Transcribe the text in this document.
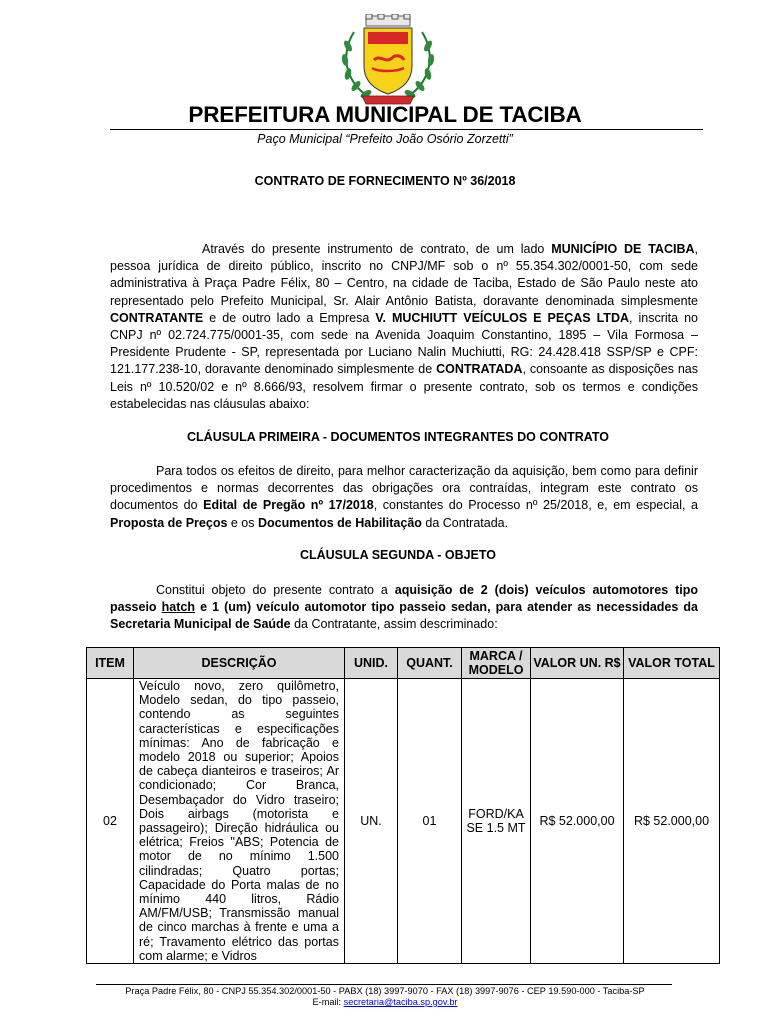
PREFEITURA MUNICIPAL DE TACIBA
Paço Municipal “Prefeito João Osório Zorzetti”
CONTRATO DE FORNECIMENTO Nº 36/2018
Através do presente instrumento de contrato, de um lado MUNICÍPIO DE TACIBA, pessoa jurídica de direito público, inscrito no CNPJ/MF sob o nº 55.354.302/0001-50, com sede administrativa à Praça Padre Félix, 80 – Centro, na cidade de Taciba, Estado de São Paulo neste ato representado pelo Prefeito Municipal, Sr. Alair Antônio Batista, doravante denominada simplesmente CONTRATANTE e de outro lado a Empresa V. MUCHIUTT VEÍCULOS E PEÇAS LTDA, inscrita no CNPJ nº 02.724.775/0001-35, com sede na Avenida Joaquim Constantino, 1895 – Vila Formosa – Presidente Prudente - SP, representada por Luciano Nalin Muchiutti, RG: 24.428.418 SSP/SP e CPF: 121.177.238-10, doravante denominado simplesmente de CONTRATADA, consoante as disposições nas Leis nº 10.520/02 e nº 8.666/93, resolvem firmar o presente contrato, sob os termos e condições estabelecidas nas cláusulas abaixo:
CLÁUSULA PRIMEIRA - DOCUMENTOS INTEGRANTES DO CONTRATO
Para todos os efeitos de direito, para melhor caracterização da aquisição, bem como para definir procedimentos e normas decorrentes das obrigações ora contraídas, integram este contrato os documentos do Edital de Pregão nº 17/2018, constantes do Processo nº 25/2018, e, em especial, a Proposta de Preços e os Documentos de Habilitação da Contratada.
CLÁUSULA SEGUNDA - OBJETO
Constitui objeto do presente contrato a aquisição de 2 (dois) veículos automotores tipo passeio hatch e 1 (um) veículo automotor tipo passeio sedan, para atender as necessidades da Secretaria Municipal de Saúde da Contratante, assim descriminado:
ITEM	DESCRIÇÃO	UNID.	QUANT.	MARCA / MODELO	VALOR UN. R$	VALOR TOTAL
02	Veículo novo, zero quilômetro, Modelo sedan, do tipo passeio, contendo as seguintes características e especificações mínimas: Ano de fabricação e modelo 2018 ou superior; Apoios de cabeça dianteiros e traseiros; Ar condicionado; Cor Branca, Desembaçador do Vidro traseiro; Dois airbags (motorista e passageiro); Direção hidráulica ou elétrica; Freios "ABS; Potencia de motor de no mínimo 1.500 cilindradas; Quatro portas; Capacidade do Porta malas de no mínimo 440 litros, Rádio AM/FM/USB; Transmissão manual de cinco marchas à frente e uma a ré; Travamento elétrico das portas com alarme; e Vidros	UN.	01	FORD/KA SE 1.5 MT	R$ 52.000,00	R$ 52.000,00
Praça Padre Félix, 80 - CNPJ 55.354.302/0001-50 - PABX (18) 3997-9070 - FAX (18) 3997-9076 - CEP 19.590-000 - Taciba-SP
E-mail: secretaria@taciba.sp.gov.br
